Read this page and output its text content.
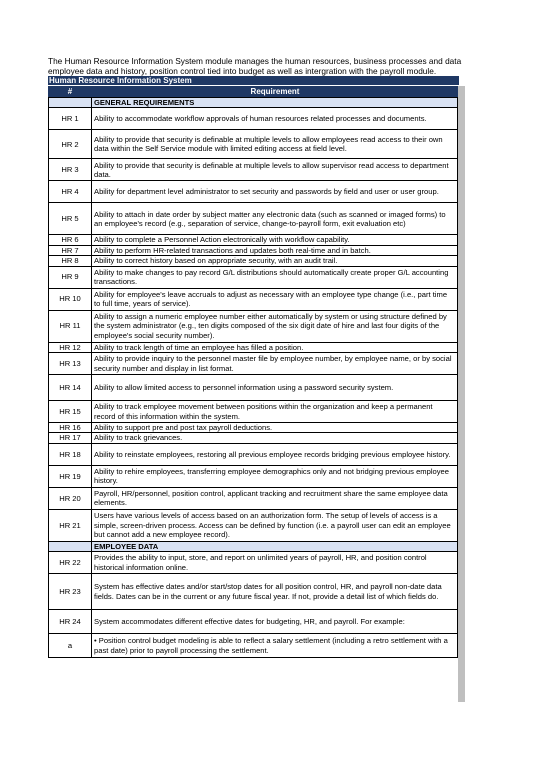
The Human Resource Information System module manages the human resources, business processes and data
employee data and history, position control tied into budget as well as intergration with the payroll module.
Human Resource Information System
#	Requirement
	GENERAL REQUIREMENTS
HR 1	Ability to accommodate workflow approvals of human resources related processes and documents.
HR 2	Ability to provide that security is definable at multiple levels to allow employees read access to their own data within the Self Service module with limited editing access at field level.
HR 3	Ability to provide that security is definable at multiple levels to allow supervisor read access to department data.
HR 4	Ability for department level administrator to set security and passwords by field and user or user group.
HR 5	Ability to attach in date order by subject matter any electronic data (such as scanned or imaged forms) to an employee's record (e.g., separation of service, change-to-payroll form, exit evaluation etc)
HR 6	Ability to complete a Personnel Action electronically with workflow capability.
HR 7	Ability to perform HR-related transactions and updates both real-time and in batch.
HR 8	Ability to correct history based on appropriate security, with an audit trail.
HR 9	Ability to make changes to pay record G/L distributions should automatically create proper G/L accounting transactions.
HR 10	Ability for employee's leave accruals to adjust as necessary with an employee type change (i.e., part time to full time, years of service).
HR 11	Ability to assign a numeric employee number either automatically by system or using structure defined by the system administrator (e.g., ten digits composed of the six digit date of hire and last four digits of the employee's social security number).
HR 12	Ability to track length of time an employee has filled a position.
HR 13	Ability to provide inquiry to the personnel master file by employee number, by employee name, or by social security number and display in list format.
HR 14	Ability to allow limited access to personnel information using a password security system.
HR 15	Ability to track employee movement between positions within the organization and keep a permanent record of this information within the system.
HR 16	Ability to support pre and post tax payroll deductions.
HR 17	Ability to track grievances.
HR 18	Ability to reinstate employees, restoring all previous employee records bridging previous employee history.
HR 19	Ability to rehire employees, transferring employee demographics only and not bridging previous employee history.
HR 20	Payroll, HR/personnel, position control, applicant tracking and recruitment share the same employee data elements.
HR 21	Users have various levels of access based on an authorization form. The setup of levels of access is a simple, screen-driven process. Access can be defined by function (i.e. a payroll user can edit an employee but cannot add a new employee record).
	EMPLOYEE DATA
HR 22	Provides the ability to input, store, and report on unlimited years of payroll, HR, and position control historical information online.
HR 23	System has effective dates and/or start/stop dates for all position control, HR, and payroll non-date data fields. Dates can be in the current or any future fiscal year. If not, provide a detail list of which fields do.
HR 24	System accommodates different effective dates for budgeting, HR, and payroll. For example:
a	• Position control budget modeling is able to reflect a salary settlement (including a retro settlement with a past date) prior to payroll processing the settlement.
